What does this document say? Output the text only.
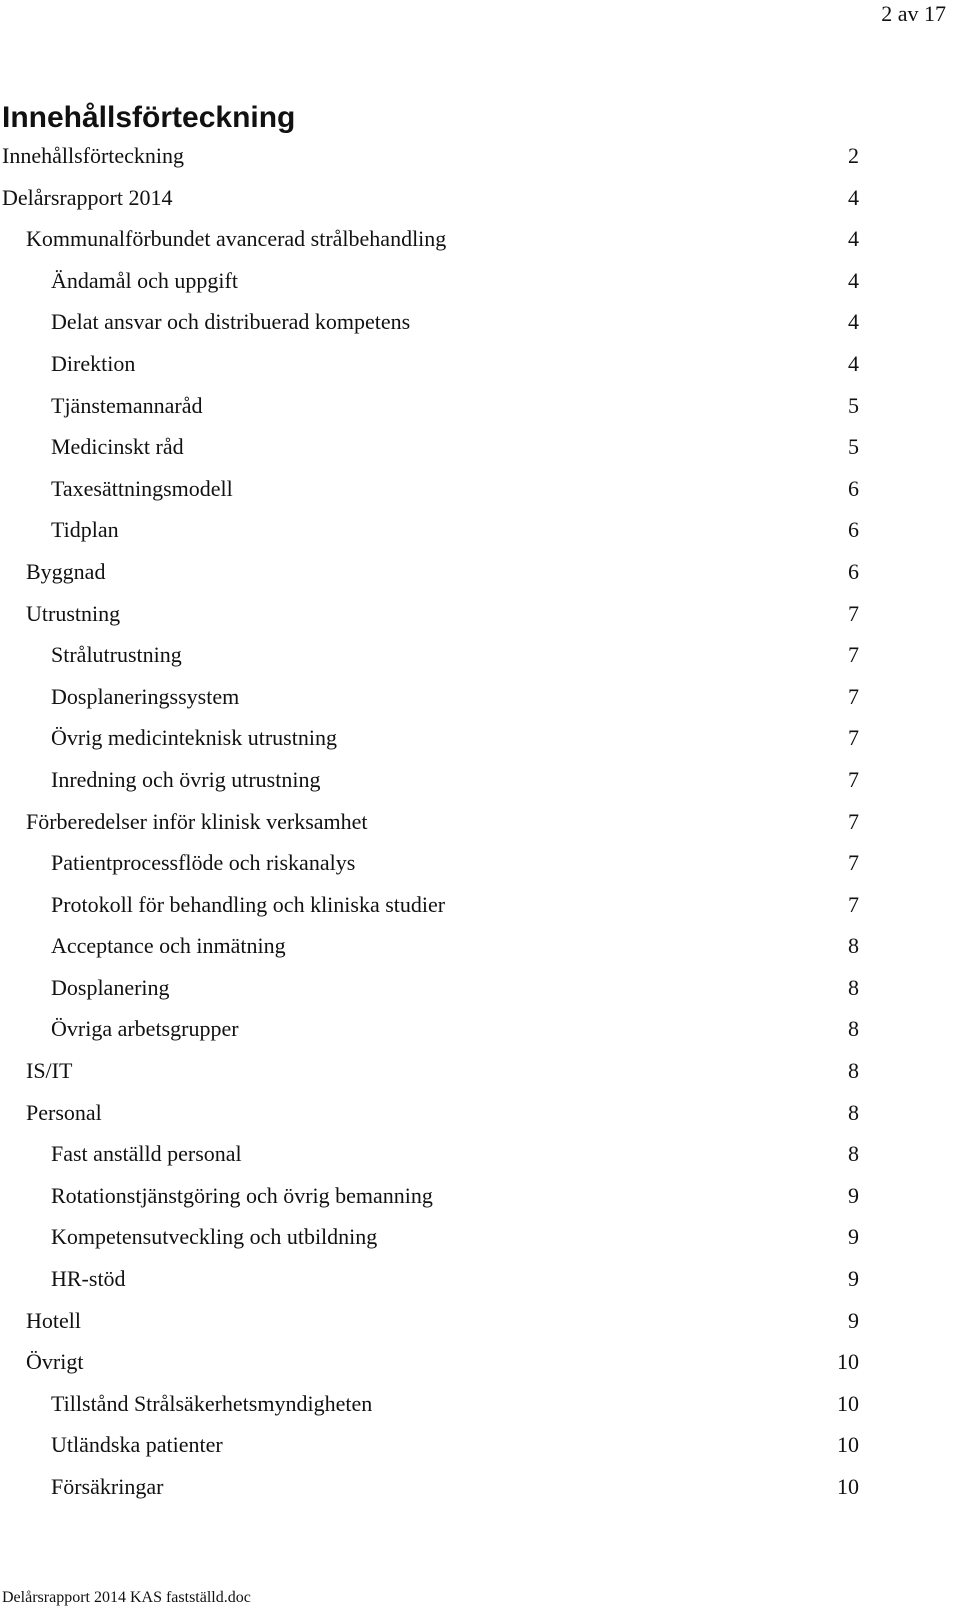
2 av 17
Innehållsförteckning
Innehållsförteckning	2
Delårsrapport 2014	4
Kommunalförbundet avancerad strålbehandling	4
Ändamål och uppgift	4
Delat ansvar och distribuerad kompetens	4
Direktion	4
Tjänstemannaråd	5
Medicinskt råd	5
Taxesättningsmodell	6
Tidplan	6
Byggnad	6
Utrustning	7
Strålutrustning	7
Dosplaneringssystem	7
Övrig medicinteknisk utrustning	7
Inredning och övrig utrustning	7
Förberedelser inför klinisk verksamhet	7
Patientprocessflöde och riskanalys	7
Protokoll för behandling och kliniska studier	7
Acceptance och inmätning	8
Dosplanering	8
Övriga arbetsgrupper	8
IS/IT	8
Personal	8
Fast anställd personal	8
Rotationstjänstgöring och övrig bemanning	9
Kompetensutveckling och utbildning	9
HR-stöd	9
Hotell	9
Övrigt	10
Tillstånd Strålsäkerhetsmyndigheten	10
Utländska patienter	10
Försäkringar	10
Delårsrapport 2014 KAS fastställd.doc
